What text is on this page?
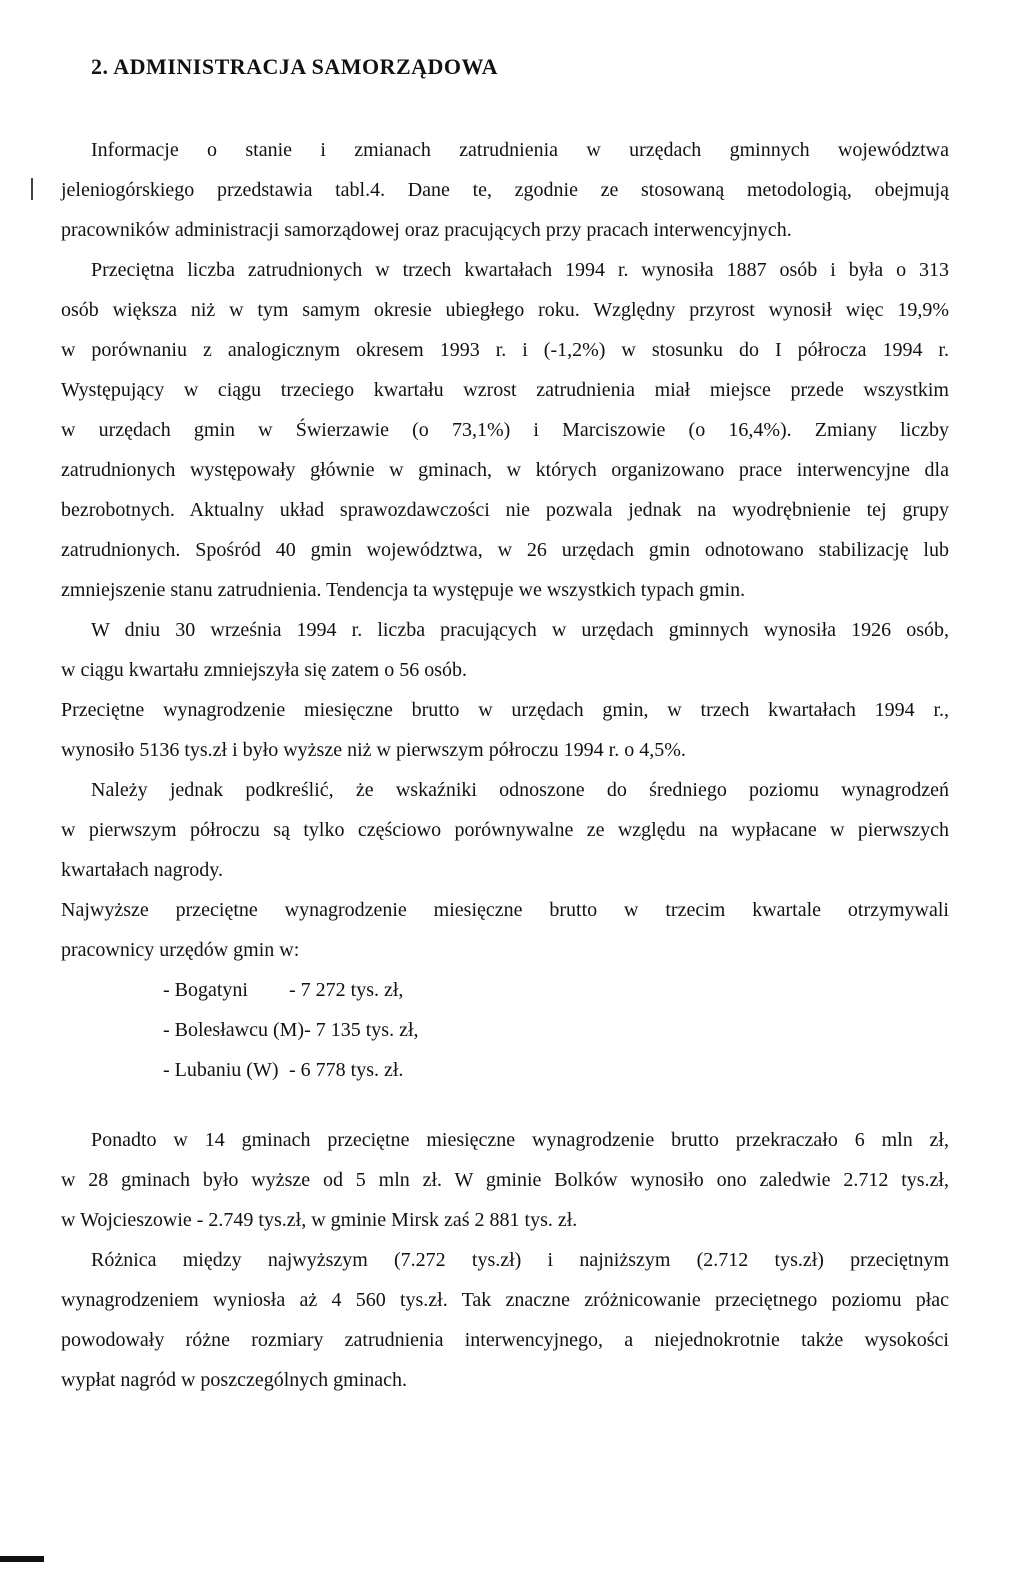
2. ADMINISTRACJA SAMORZĄDOWA
Informacje o stanie i zmianach zatrudnienia w urzędach gminnych województwa
jeleniogórskiego przedstawia tabl.4. Dane te, zgodnie ze stosowaną metodologią, obejmują
pracowników administracji samorządowej oraz pracujących przy pracach interwencyjnych.
Przeciętna liczba zatrudnionych w trzech kwartałach 1994 r. wynosiła 1887 osób i była o 313
osób większa niż w tym samym okresie ubiegłego roku. Względny przyrost wynosił więc 19,9%
w porównaniu z analogicznym okresem 1993 r. i (-1,2%) w stosunku do I półrocza 1994 r.
Występujący w ciągu trzeciego kwartału wzrost zatrudnienia miał miejsce przede wszystkim
w urzędach gmin w Świerzawie (o 73,1%) i Marciszowie (o 16,4%). Zmiany liczby
zatrudnionych występowały głównie w gminach, w których organizowano prace interwencyjne dla
bezrobotnych. Aktualny układ sprawozdawczości nie pozwala jednak na wyodrębnienie tej grupy
zatrudnionych. Spośród 40 gmin województwa, w 26 urzędach gmin odnotowano stabilizację lub
zmniejszenie stanu zatrudnienia. Tendencja ta występuje we wszystkich typach gmin.
W dniu 30 września 1994 r. liczba pracujących w urzędach gminnych wynosiła 1926 osób,
w ciągu kwartału zmniejszyła się zatem o 56 osób.
Przeciętne wynagrodzenie miesięczne brutto w urzędach gmin, w trzech kwartałach 1994 r.,
wynosiło 5136 tys.zł i było wyższe niż w pierwszym półroczu 1994 r. o 4,5%.
Należy jednak podkreślić, że wskaźniki odnoszone do średniego poziomu wynagrodzeń
w pierwszym półroczu są tylko częściowo porównywalne ze względu na wypłacane w pierwszych
kwartałach nagrody.
Najwyższe przeciętne wynagrodzenie miesięczne brutto w trzecim kwartale otrzymywali
pracownicy urzędów gmin w:
- Bogatyni - 7 272 tys. zł,
- Bolesławcu (M)- 7 135 tys. zł,
- Lubaniu (W) - 6 778 tys. zł.
Ponadto w 14 gminach przeciętne miesięczne wynagrodzenie brutto przekraczało 6 mln zł,
w 28 gminach było wyższe od 5 mln zł. W gminie Bolków wynosiło ono zaledwie 2.712 tys.zł,
w Wojcieszowie - 2.749 tys.zł, w gminie Mirsk zaś 2 881 tys. zł.
Różnica między najwyższym (7.272 tys.zł) i najniższym (2.712 tys.zł) przeciętnym
wynagrodzeniem wyniosła aż 4 560 tys.zł. Tak znaczne zróżnicowanie przeciętnego poziomu płac
powodowały różne rozmiary zatrudnienia interwencyjnego, a niejednokrotnie także wysokości
wypłat nagród w poszczególnych gminach.
